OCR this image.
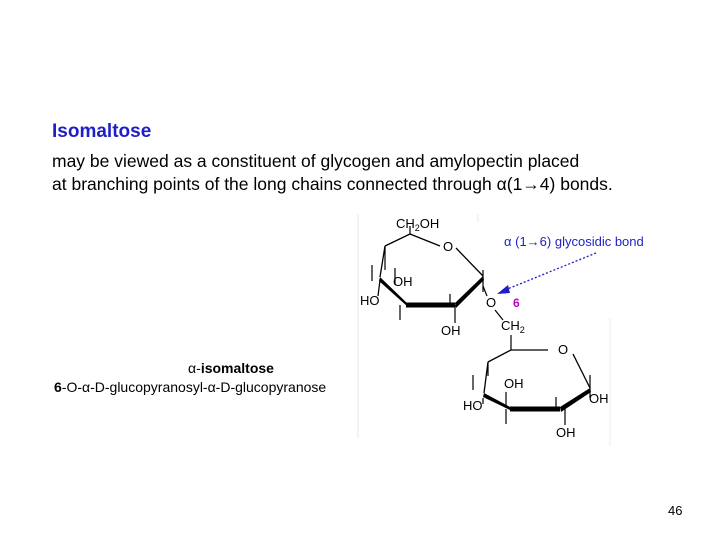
Isomaltose
may be viewed as a constituent of glycogen and amylopectin placed
at branching points of the long chains connected through α(1→4) bonds.
α-isomaltose
6-O-α-D-glucopyranosyl-α-D-glucopyranose
α (1→6) glycosidic bond
$CH_2OH$
O
OH
HO
OH
O 6
$CH_2$
O
OH
HO	OH
OH
46
